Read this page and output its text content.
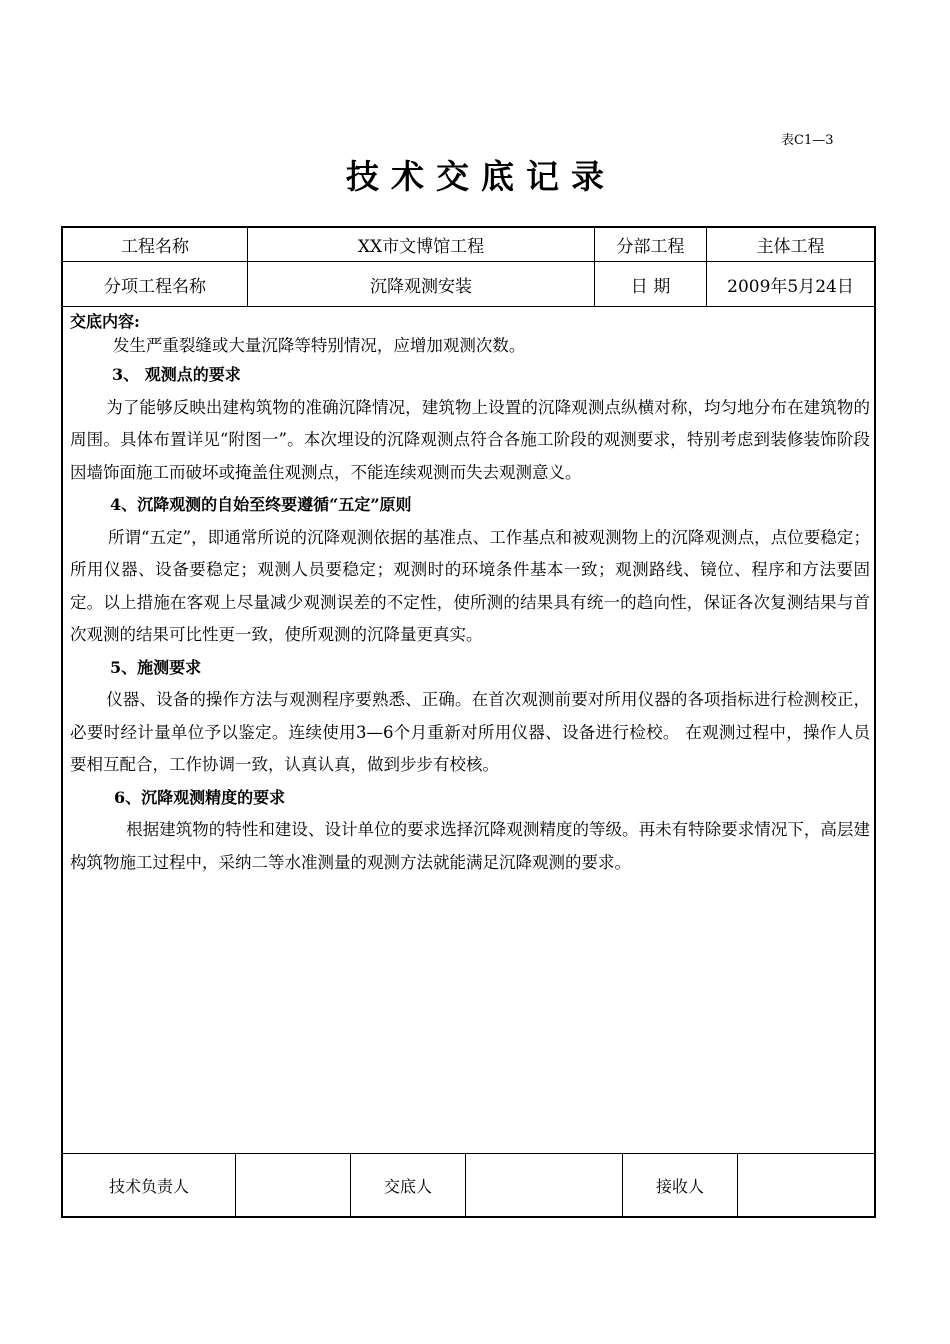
表C1—3
技术交底记录
工程名称	XX市文博馆工程	分部工程	主体工程
分项工程名称	沉降观测安装	日 期	2009年5月24日
交底内容:

发生严重裂缝或大量沉降等特别情况，应增加观测次数。

3、 观测点的要求

为了能够反映出建构筑物的准确沉降情况，建筑物上设置的沉降观测点纵横对称，均匀地分布在建筑物的周围。具体布置详见“附图一”。本次埋设的沉降观测点符合各施工阶段的观测要求，特别考虑到装修装饰阶段因墙饰面施工而破坏或掩盖住观测点，不能连续观测而失去观测意义。

4、沉降观测的自始至终要遵循“五定”原则

所谓“五定”，即通常所说的沉降观测依据的基准点、工作基点和被观测物上的沉降观测点，点位要稳定；所用仪器、设备要稳定；观测人员要稳定；观测时的环境条件基本一致；观测路线、镜位、程序和方法要固定。以上措施在客观上尽量减少观测误差的不定性，使所测的结果具有统一的趋向性，保证各次复测结果与首次观测的结果可比性更一致，使所观测的沉降量更真实。

5、施测要求

仪器、设备的操作方法与观测程序要熟悉、正确。在首次观测前要对所用仪器的各项指标进行检测校正，必要时经计量单位予以鉴定。连续使用3—6个月重新对所用仪器、设备进行检校。 在观测过程中，操作人员要相互配合，工作协调一致，认真认真，做到步步有校核。

6、沉降观测精度的要求

根据建筑物的特性和建设、设计单位的要求选择沉降观测精度的等级。再未有特除要求情况下，高层建构筑物施工过程中，采纳二等水准测量的观测方法就能满足沉降观测的要求。

技术负责人	交底人	接收人
